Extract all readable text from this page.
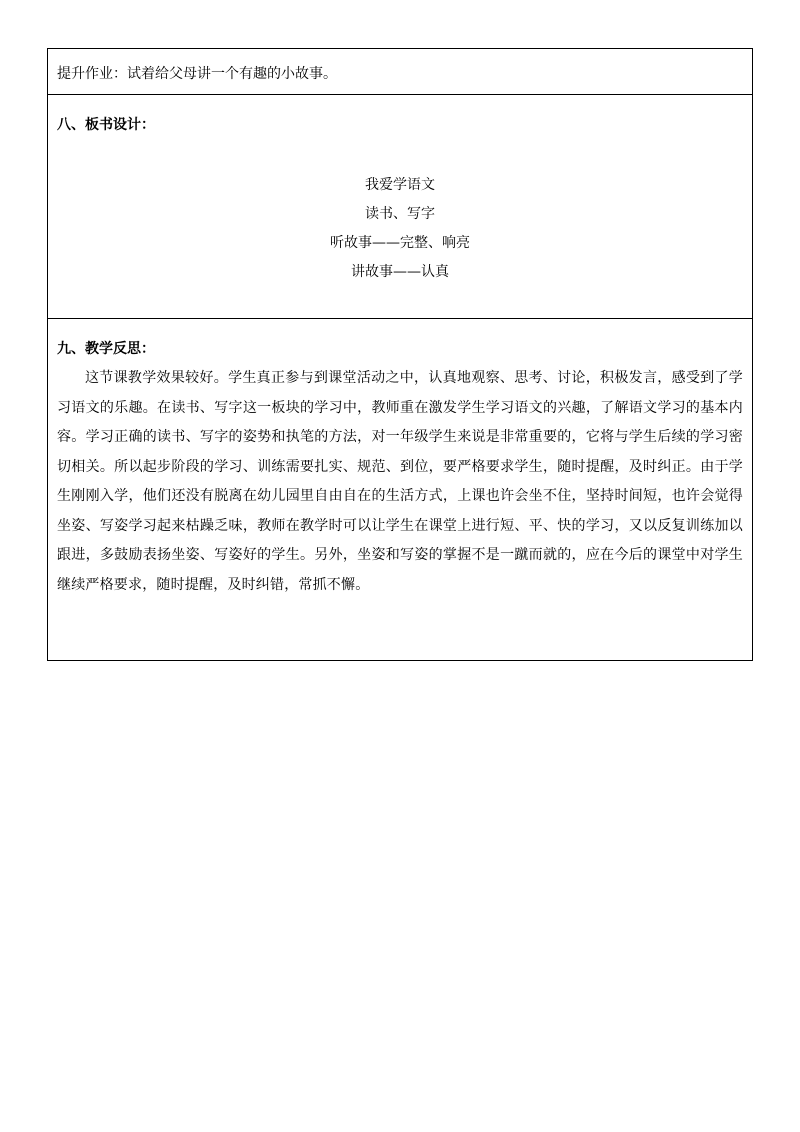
提升作业：试着给父母讲一个有趣的小故事。

八、板书设计：

我爱学语文
读书、写字
听故事——完整、响亮
讲故事——认真

九、教学反思：

这节课教学效果较好。学生真正参与到课堂活动之中，认真地观察、思考、讨论，积极发言，感受到了学习语文的乐趣。在读书、写字这一板块的学习中，教师重在激发学生学习语文的兴趣，了解语文学习的基本内容。学习正确的读书、写字的姿势和执笔的方法，对一年级学生来说是非常重要的，它将与学生后续的学习密切相关。所以起步阶段的学习、训练需要扎实、规范、到位，要严格要求学生，随时提醒，及时纠正。由于学生刚刚入学，他们还没有脱离在幼儿园里自由自在的生活方式，上课也许会坐不住，坚持时间短，也许会觉得坐姿、写姿学习起来枯躁乏味，教师在教学时可以让学生在课堂上进行短、平、快的学习，又以反复训练加以跟进，多鼓励表扬坐姿、写姿好的学生。另外，坐姿和写姿的掌握不是一蹴而就的，应在今后的课堂中对学生继续严格要求，随时提醒，及时纠错，常抓不懈。
